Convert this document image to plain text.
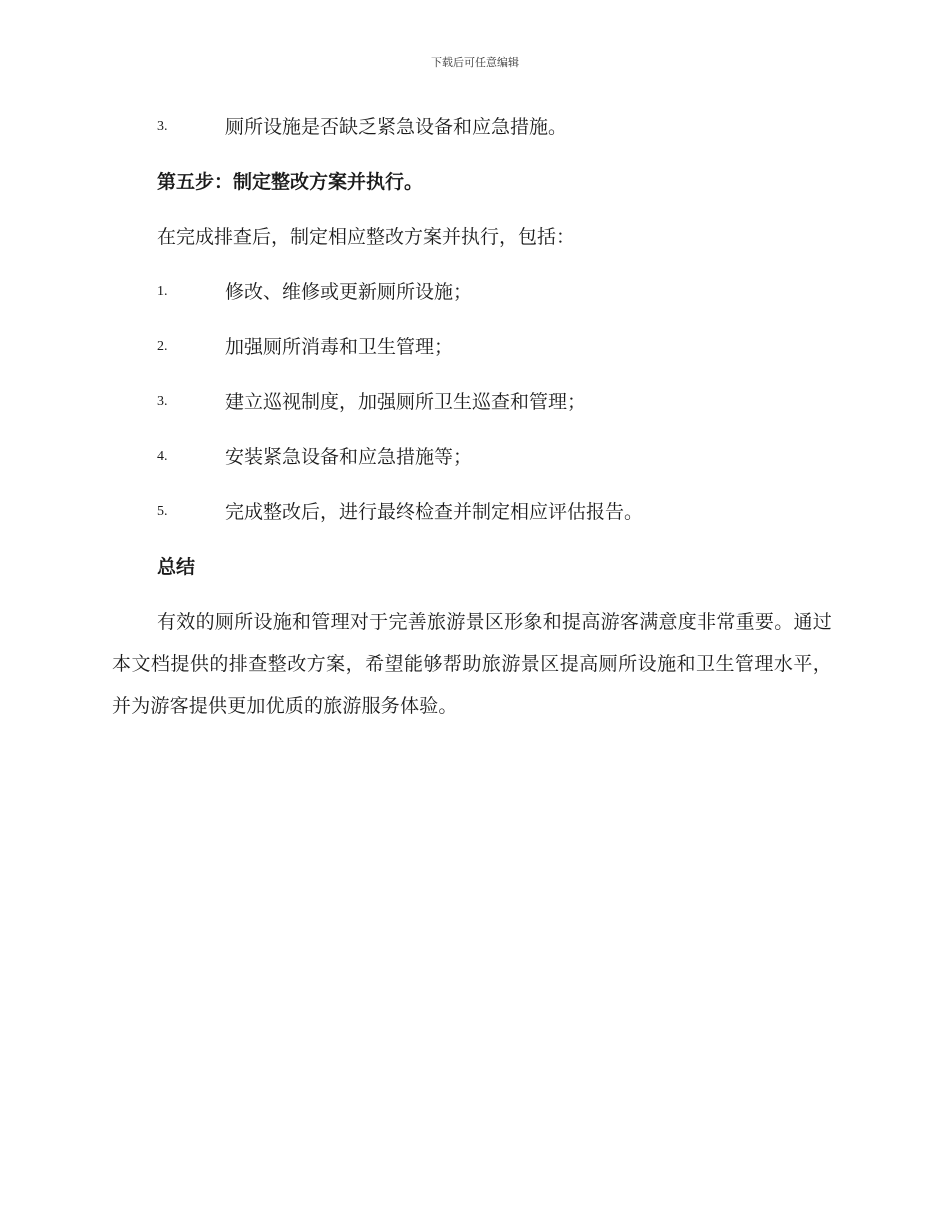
下载后可任意编辑
3.	厕所设施是否缺乏紧急设备和应急措施。
第五步：制定整改方案并执行。
在完成排查后，制定相应整改方案并执行，包括：
1.	修改、维修或更新厕所设施；
2.	加强厕所消毒和卫生管理；
3.	建立巡视制度，加强厕所卫生巡查和管理；
4.	安装紧急设备和应急措施等；
5.	完成整改后，进行最终检查并制定相应评估报告。
总结
有效的厕所设施和管理对于完善旅游景区形象和提高游客满意度非常重要。通过本文档提供的排查整改方案，希望能够帮助旅游景区提高厕所设施和卫生管理水平，并为游客提供更加优质的旅游服务体验。
